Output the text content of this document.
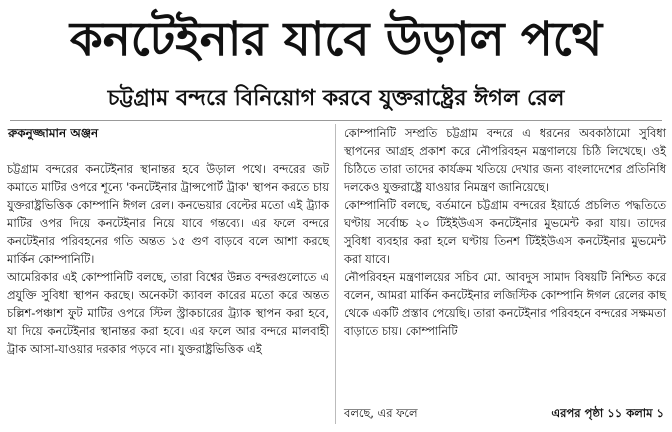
কনটেইনার যাবে উড়াল পথে
চট্টগ্রাম বন্দরে বিনিয়োগ করবে যুক্তরাষ্ট্রের ঈগল রেল
রুকনুজ্জামান অঞ্জন

চট্টগ্রাম বন্দরের কনটেইনার স্থানান্তর হবে উড়াল পথে। বন্দরের জট কমাতে মাটির ওপরে শূন্যে 'কনটেইনার ট্রান্সপোর্ট ট্রাক' স্থাপন করতে চায় যুক্তরাষ্ট্রভিত্তিক কোম্পানি ঈগল রেল। কনভেয়ার বেল্টের মতো এই ট্র্যাক মাটির ওপর দিয়ে কনটেইনার নিয়ে যাবে গন্তব্যে। এর ফলে বন্দরে কনটেইনার পরিবহনের গতি অন্তত ১৫ গুণ বাড়বে বলে আশা করছে মার্কিন কোম্পানিটি।

আমেরিকার এই কোম্পানিটি বলছে, তারা বিশ্বের উন্নত বন্দরগুলোতে এ প্রযুক্তি সুবিধা স্থাপন করছে। অনেকটা ক্যাবল কারের মতো করে অন্তত চল্লিশ-পঞ্চাশ ফুট মাটির ওপরে স্টিল স্ট্রাকচারের ট্র্যাক স্থাপন করা হবে, যা দিয়ে কনটেইনার স্থানান্তর করা হবে। এর ফলে আর বন্দরে মালবাহী ট্রাক আসা-যাওয়ার দরকার পড়বে না। যুক্তরাষ্ট্রভিত্তিক এই

কোম্পানিটি সম্প্রতি চট্টগ্রাম বন্দরে এ ধরনের অবকাঠামো সুবিধা স্থাপনের আগ্রহ প্রকাশ করে নৌপরিবহন মন্ত্রণালয়ে চিঠি লিখেছে। ওই চিঠিতে তারা তাদের কার্যক্রম খতিয়ে দেখার জন্য বাংলাদেশের প্রতিনিধি দলকেও যুক্তরাষ্ট্রে যাওয়ার নিমন্ত্রণ জানিয়েছে।

কোম্পানিটি বলছে, বর্তমানে চট্টগ্রাম বন্দরের ইয়ার্ডে প্রচলিত পদ্ধতিতে ঘণ্টায় সর্বোচ্চ ২০ টিইইউএস কনটেইনার মুভমেন্ট করা যায়। তাদের সুবিধা ব্যবহার করা হলে ঘণ্টায় তিনশ টিইইউএস কনটেইনার মুভমেন্ট করা যাবে।

নৌপরিবহন মন্ত্রণালয়ের সচিব মো. আবদুস সামাদ বিষয়টি নিশ্চিত করে বলেন, আমরা মার্কিন কনটেইনার লজিস্টিক কোম্পানি ঈগল রেলের কাছ থেকে একটি প্রস্তাব পেয়েছি। তারা কনটেইনার পরিবহনে বন্দরের সক্ষমতা বাড়াতে চায়। কোম্পানিটি

বলছে, এর ফলে	এরপর পৃষ্ঠা ১১ কলাম ১
